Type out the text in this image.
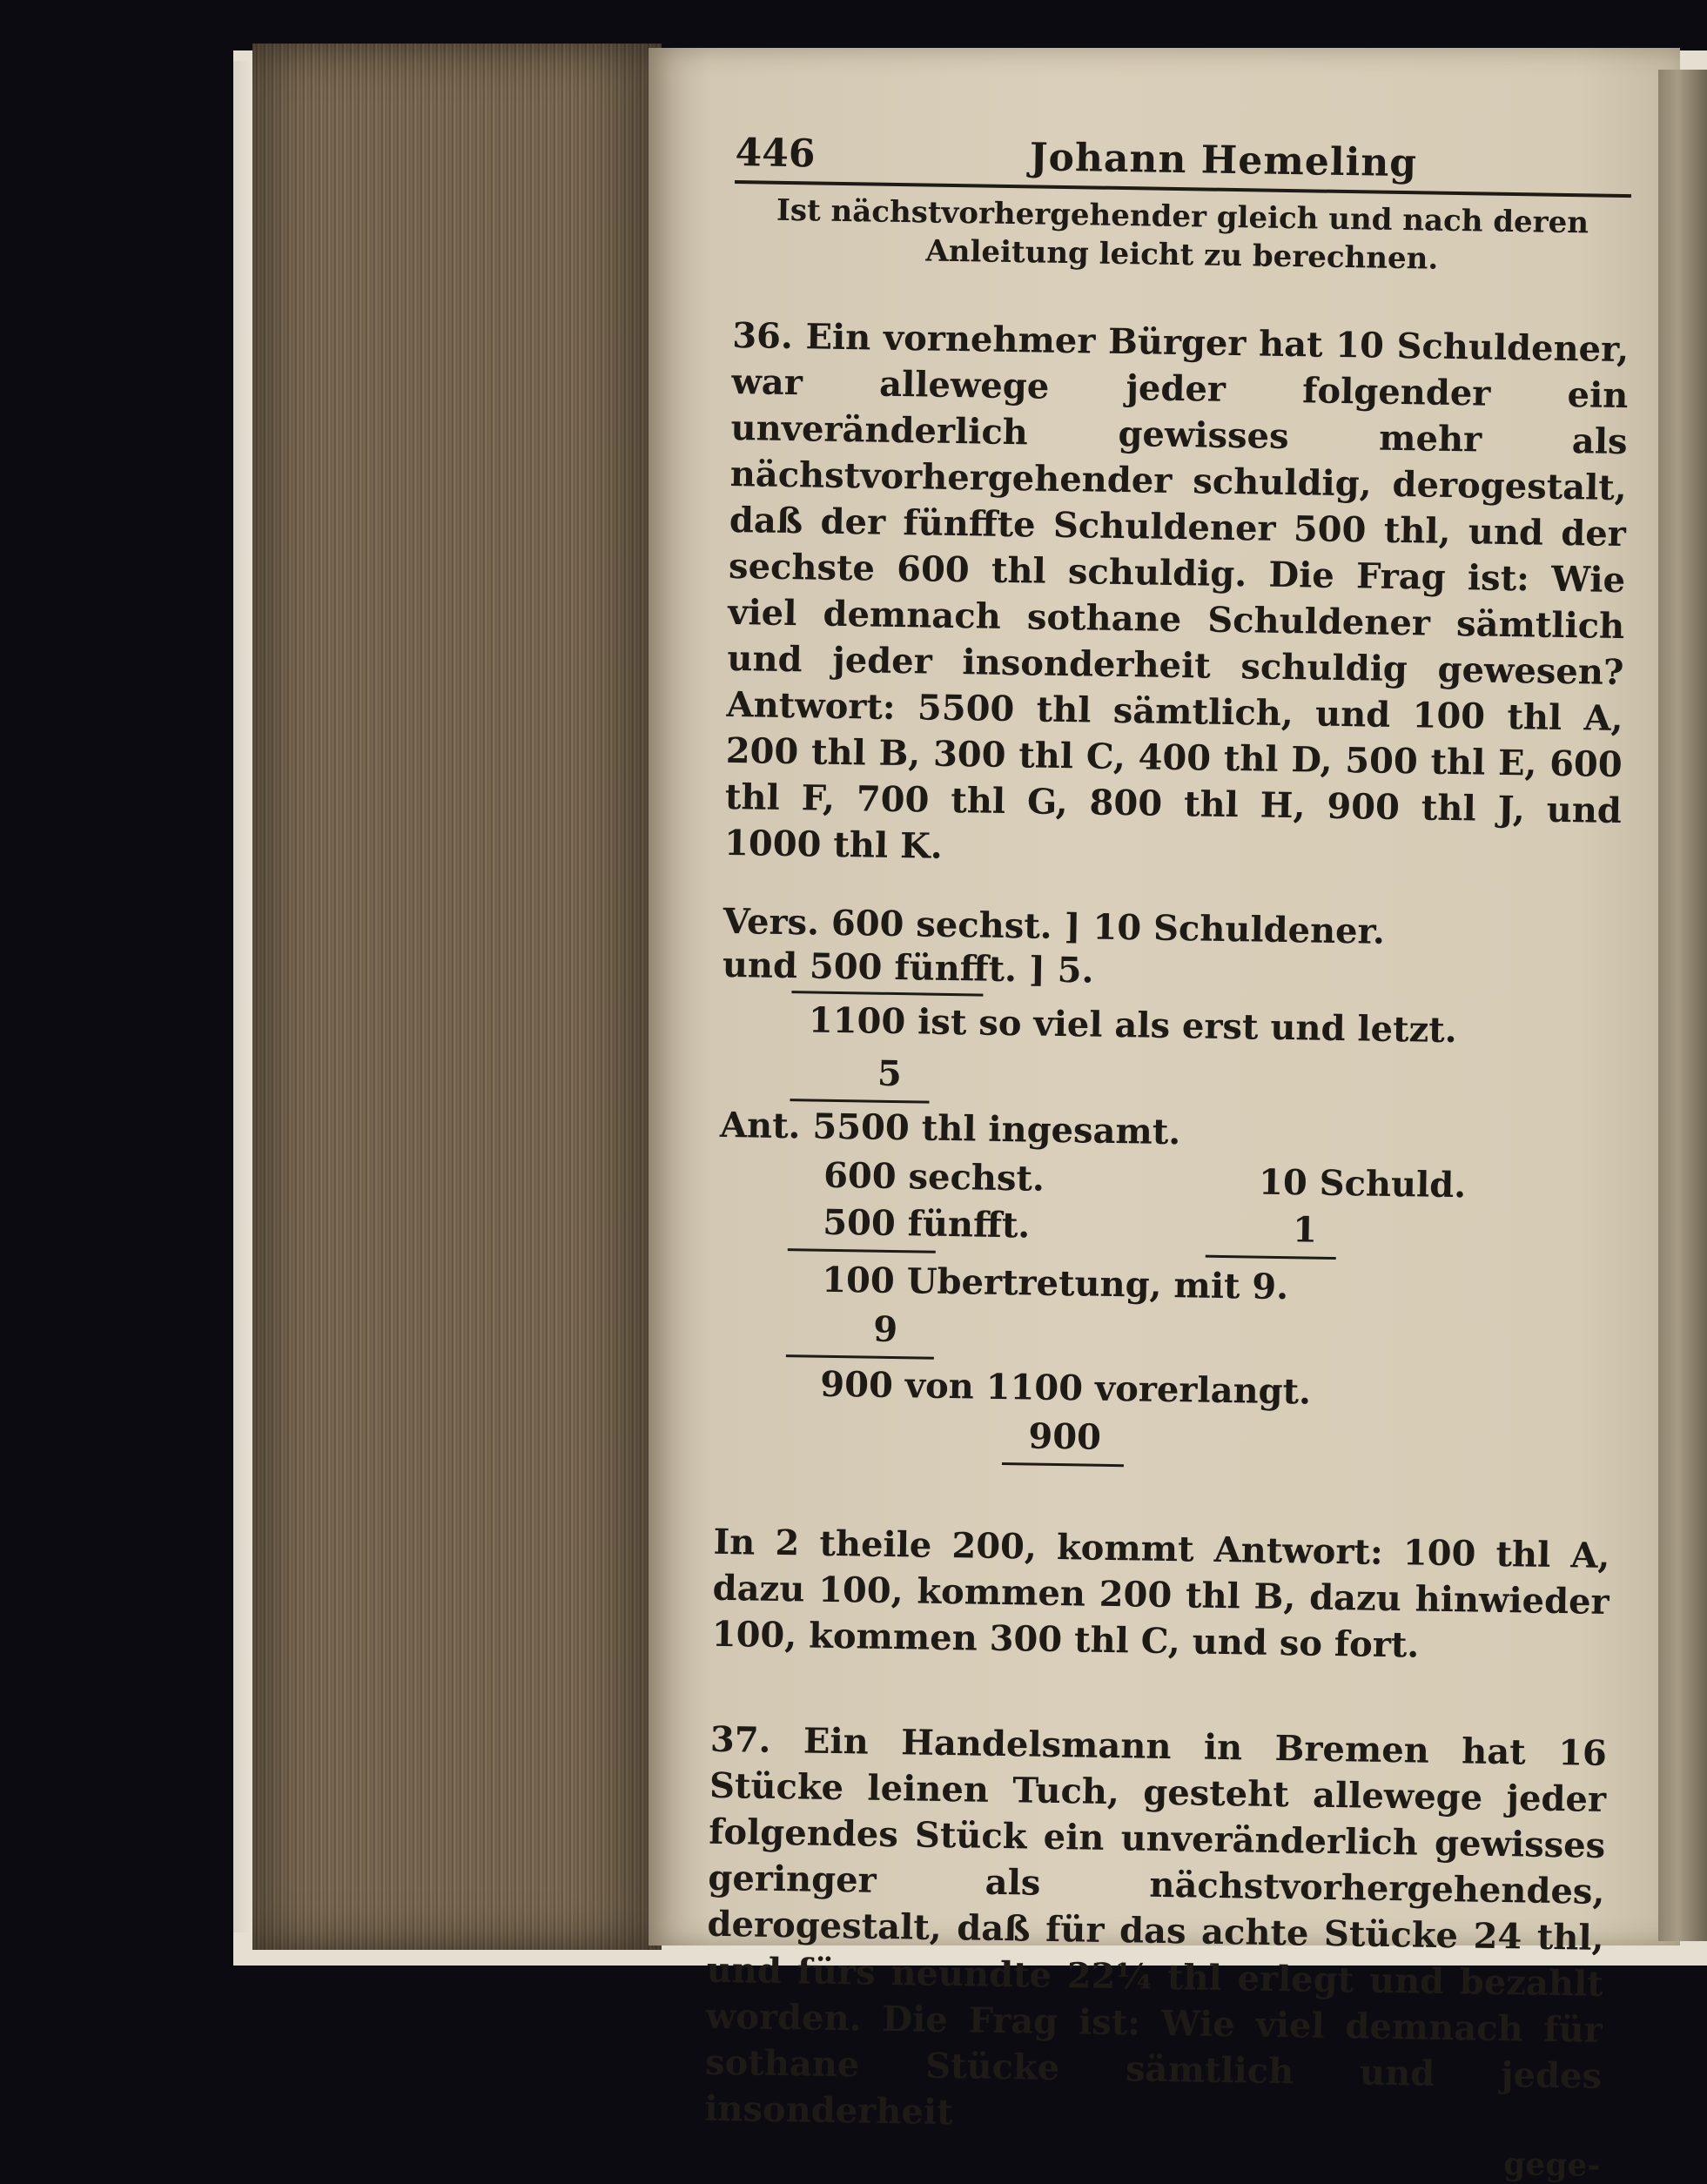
446	Johann Hemeling
Ist nächstvorhergehender gleich und nach deren Anleitung leicht zu berechnen.
36. Ein vornehmer Bürger hat 10 Schuldener, war allewege jeder folgender ein unveränderlich gewisses mehr als nächstvorhergehender schuldig, derogestalt, daß der fünffte Schuldener 500 thl, und der sechste 600 thl schuldig. Die Frag ist: Wie viel demnach sothane Schuldener sämtlich und jeder insonderheit schuldig gewesen? Antwort: 5500 thl sämtlich, und 100 thl A, 200 thl B, 300 thl C, 400 thl D, 500 thl E, 600 thl F, 700 thl G, 800 thl H, 900 thl J, und 1000 thl K.
Vers. 600 sechst. ] 10 Schuldener.
und 500 fünfft. ] 5.
1100 ist so viel als erst und letzt.
5
Ant. 5500 thl ingesamt.
600 sechst.	10 Schuld.
500 fünfft.	1
100 Ubertretung, mit 9.
9
900 von 1100 vorerlangt.
900
In 2 theile 200, kommt Antwort: 100 thl A, dazu 100, kommen 200 thl B, dazu hinwieder 100, kommen 300 thl C, und so fort.
37. Ein Handelsmann in Bremen hat 16 Stücke leinen Tuch, gesteht allewege jeder folgendes Stück ein unveränderlich gewisses geringer als nächstvorhergehendes, derogestalt, daß für das achte Stücke 24 thl, und fürs neundte 22¼ thl erlegt und bezahlt worden. Die Frag ist: Wie viel demnach für sothane Stücke sämtlich und jedes insonderheit
gege-
